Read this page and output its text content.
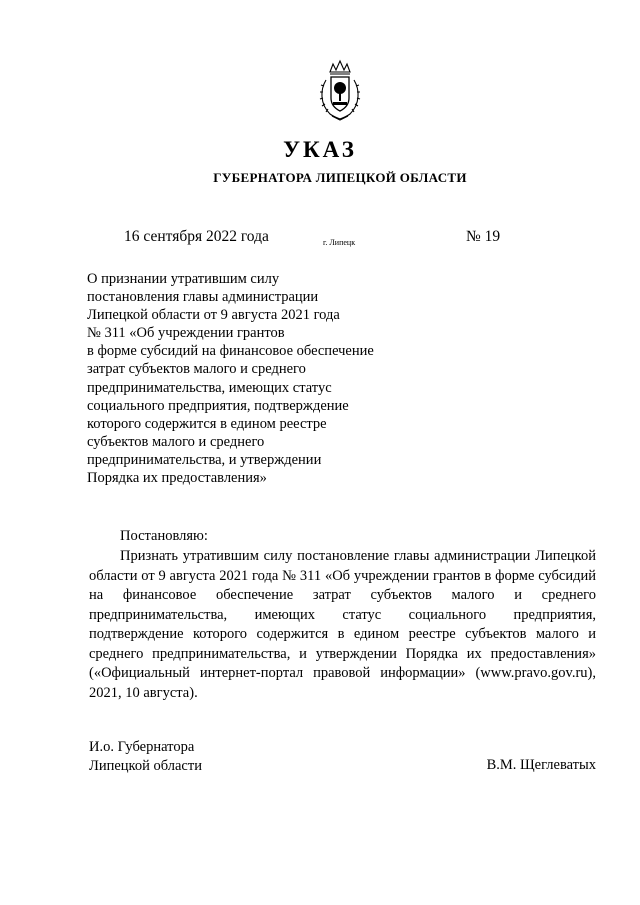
УКАЗ
ГУБЕРНАТОРА ЛИПЕЦКОЙ ОБЛАСТИ
16 сентября 2022 года	г. Липецк	№ 19
О признании утратившим силу
постановления главы администрации
Липецкой области от 9 августа 2021 года
№ 311 «Об учреждении грантов
в форме субсидий на финансовое обеспечение
затрат субъектов малого и среднего
предпринимательства, имеющих статус
социального предприятия, подтверждение
которого содержится в едином реестре
субъектов малого и среднего
предпринимательства, и утверждении
Порядка их предоставления»
Постановляю:

Признать утратившим силу постановление главы администрации Липецкой области от 9 августа 2021 года № 311 «Об учреждении грантов в форме субсидий на финансовое обеспечение затрат субъектов малого и среднего предпринимательства, имеющих статус социального предприятия, подтверждение которого содержится в едином реестре субъектов малого и среднего предпринимательства, и утверждении Порядка их предоставления» («Официальный интернет-портал правовой информации» (www.pravo.gov.ru), 2021, 10 августа).

И.о. Губернатора
Липецкой области	В.М. Щеглеватых
